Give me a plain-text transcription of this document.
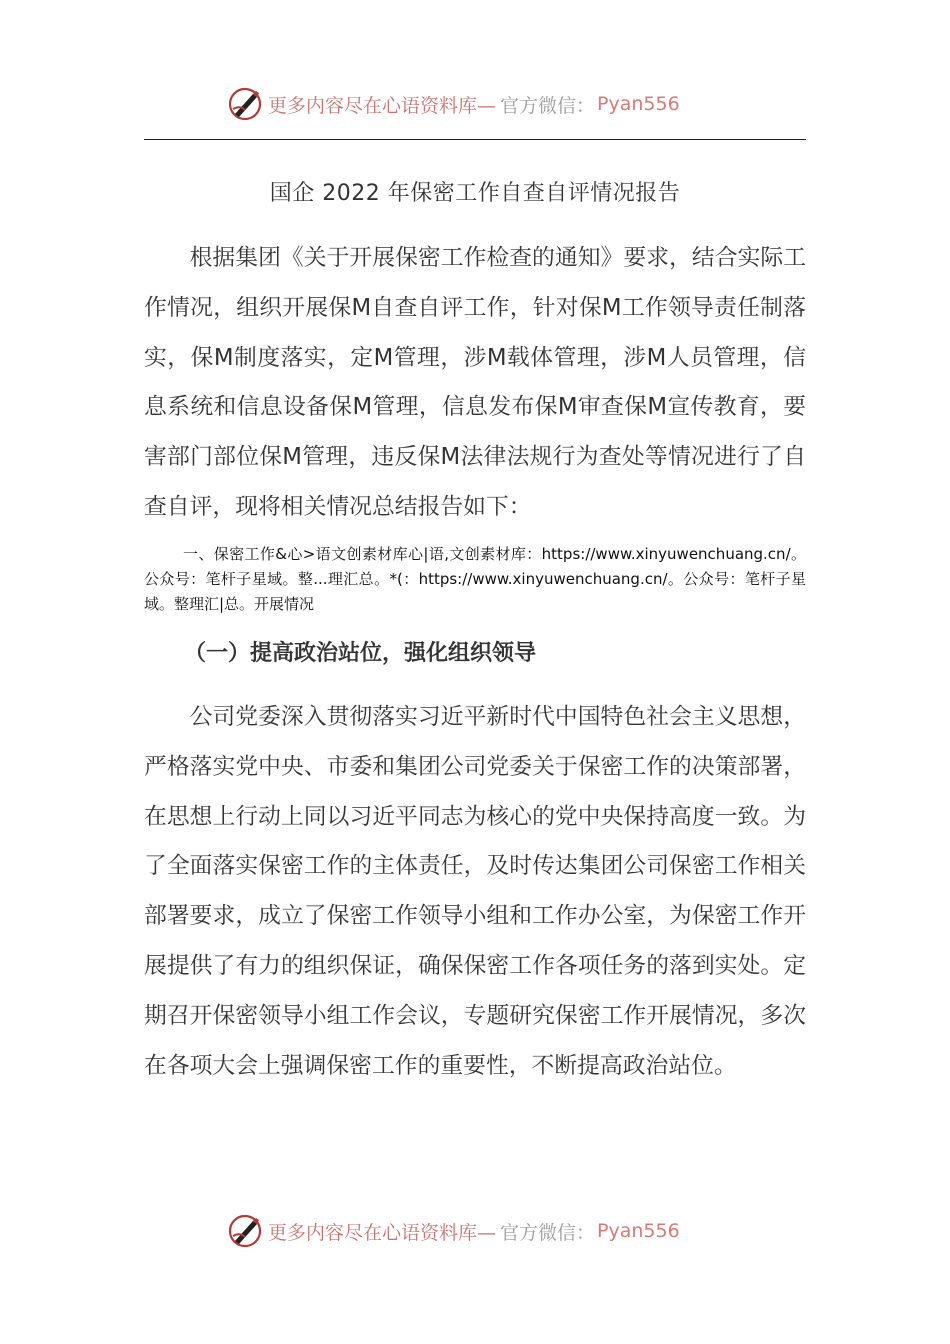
更多内容尽在心语资料库— 官方微信： Pyan556
国企 2022 年保密工作自查自评情况报告

根据集团《关于开展保密工作检查的通知》要求，结合实际工作情况，组织开展保M自查自评工作，针对保M工作领导责任制落实，保M制度落实，定M管理，涉M载体管理，涉M人员管理，信息系统和信息设备保M管理，信息发布保M审查保M宣传教育，要害部门部位保M管理，违反保M法律法规行为查处等情况进行了自查自评，现将相关情况总结报告如下：

一、保密工作&心>语文创素材库心|语,文创素材库：https://www.xinyuwenchuang.cn/。公众号：笔杆子星域。整...理汇总。*(：https://www.xinyuwenchuang.cn/。公众号：笔杆子星域。整理汇|总。开展情况

（一）提高政治站位，强化组织领导

公司党委深入贯彻落实习近平新时代中国特色社会主义思想，严格落实党中央、市委和集团公司党委关于保密工作的决策部署，在思想上行动上同以习近平同志为核心的党中央保持高度一致。为了全面落实保密工作的主体责任，及时传达集团公司保密工作相关部署要求，成立了保密工作领导小组和工作办公室，为保密工作开展提供了有力的组织保证，确保保密工作各项任务的落到实处。定期召开保密领导小组工作会议，专题研究保密工作开展情况，多次在各项大会上强调保密工作的重要性，不断提高政治站位。

更多内容尽在心语资料库— 官方微信： Pyan556
